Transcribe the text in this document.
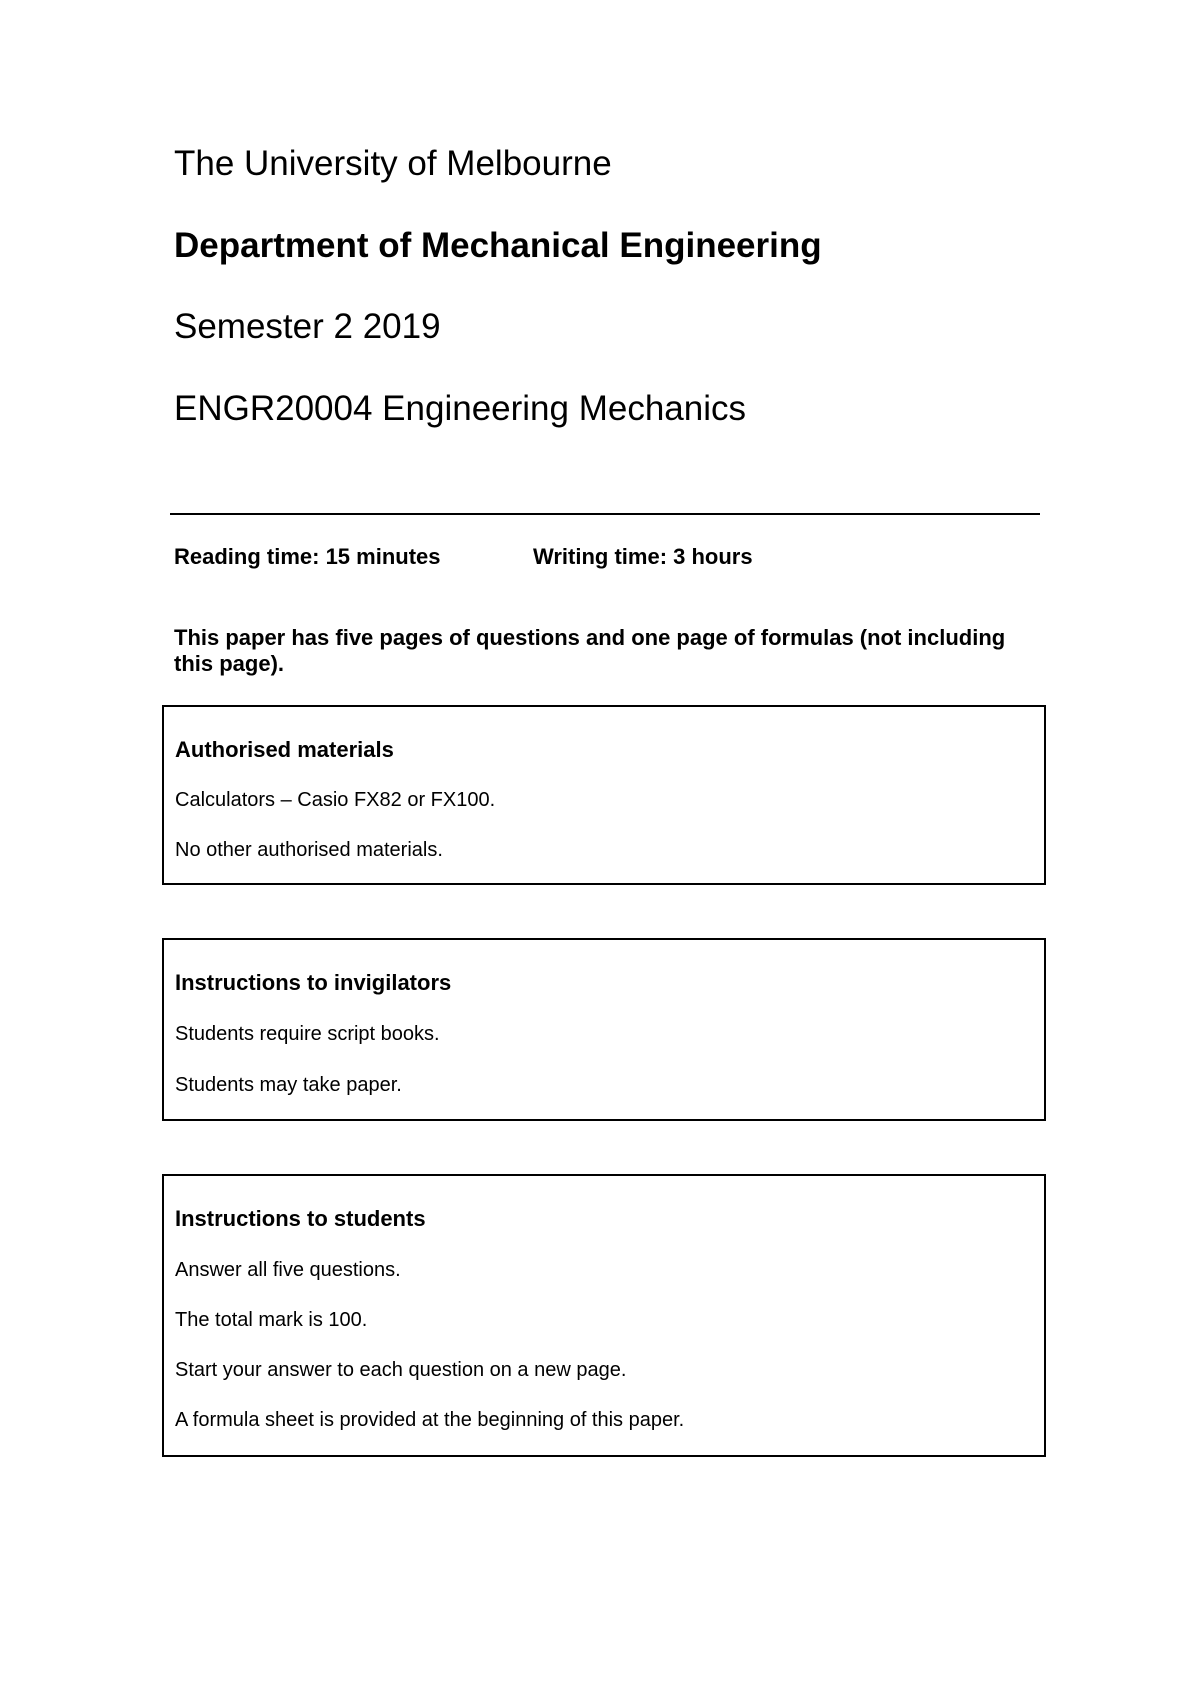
The University of Melbourne
Department of Mechanical Engineering
Semester 2 2019
ENGR20004 Engineering Mechanics
Reading time: 15 minutes	Writing time: 3 hours
This paper has five pages of questions and one page of formulas (not including this page).
Authorised materials
Calculators – Casio FX82 or FX100.
No other authorised materials.
Instructions to invigilators
Students require script books.
Students may take paper.
Instructions to students
Answer all five questions.
The total mark is 100.
Start your answer to each question on a new page.
A formula sheet is provided at the beginning of this paper.
